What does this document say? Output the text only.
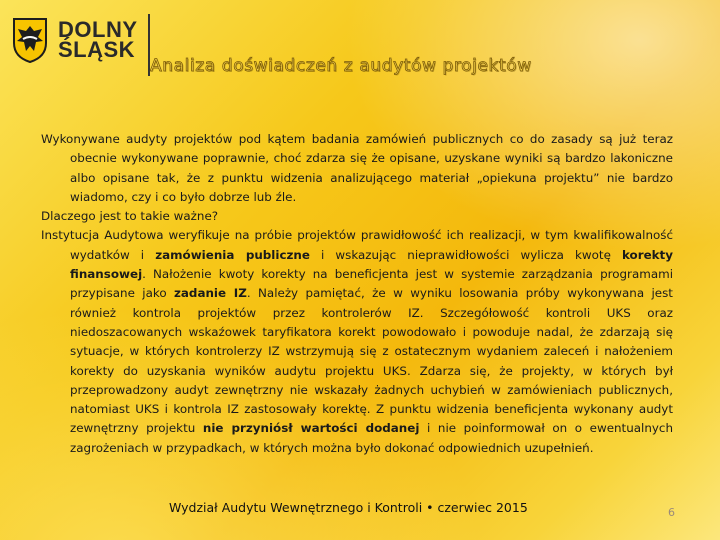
DOLNY
ŚLĄSK
Analiza doświadczeń z audytów projektów

Wykonywane audyty projektów pod kątem badania zamówień publicznych co do zasady są już teraz obecnie wykonywane poprawnie, choć zdarza się że opisane, uzyskane wyniki są bardzo lakoniczne albo opisane tak, że z punktu widzenia analizującego materiał „opiekuna projektu” nie bardzo wiadomo, czy i co było dobrze lub źle.

Dlaczego jest to takie ważne?

Instytucja Audytowa weryfikuje na próbie projektów prawidłowość ich realizacji, w tym kwalifikowalność wydatków i zamówienia publiczne i wskazując nieprawidłowości wylicza kwotę korekty finansowej. Nałożenie kwoty korekty na beneficjenta jest w systemie zarządzania programami przypisane jako zadanie IZ. Należy pamiętać, że w wyniku losowania próby wykonywana jest również kontrola projektów przez kontrolerów IZ. Szczegółowość kontroli UKS oraz niedoszacowanych wskaźowek taryfikatora korekt powodowało i powoduje nadal, że zdarzają się sytuacje, w których kontrolerzy IZ wstrzymują się z ostatecznym wydaniem zaleceń i nałożeniem korekty do uzyskania wyników audytu projektu UKS. Zdarza się, że projekty, w których był przeprowadzony audyt zewnętrzny nie wskazały żadnych uchybień w zamówieniach publicznych, natomiast UKS i kontrola IZ zastosowały korektę. Z punktu widzenia beneficjenta wykonany audyt zewnętrzny projektu nie przyniósł wartości dodanej i nie poinformował on o ewentualnych zagrożeniach w przypadkach, w których można było dokonać odpowiednich uzupełnień.

Wydział Audytu Wewnętrznego i Kontroli • czerwiec 2015	6
